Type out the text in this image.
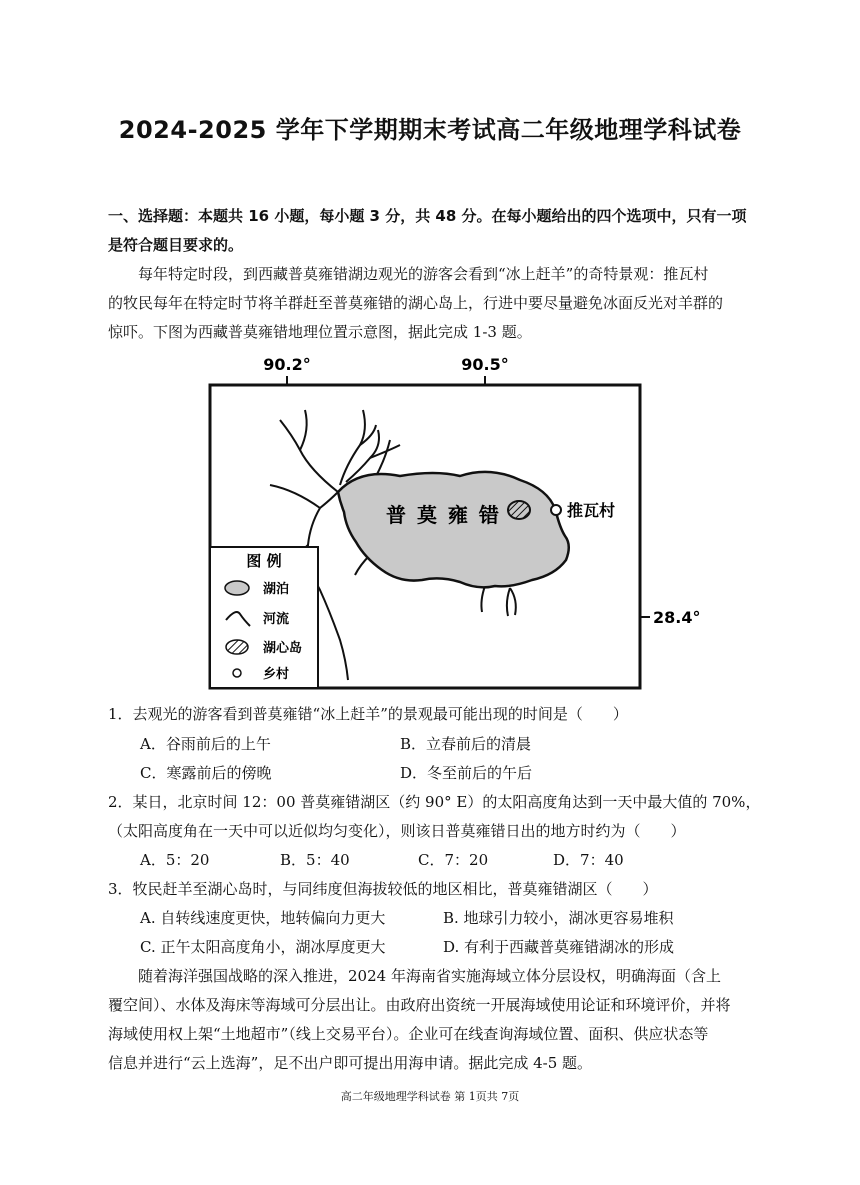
2024-2025 学年下学期期末考试高二年级地理学科试卷
一、选择题：本题共 16 小题，每小题 3 分，共 48 分。在每小题给出的四个选项中，只有一项
是符合题目要求的。
每年特定时段，到西藏普莫雍错湖边观光的游客会看到“冰上赶羊”的奇特景观：推瓦村
的牧民每年在特定时节将羊群赶至普莫雍错的湖心岛上，行进中要尽量避免冰面反光对羊群的
惊吓。下图为西藏普莫雍错地理位置示意图，据此完成 1-3 题。
90.2°	90.5°
28.4°
普 莫 雍 错	推瓦村
图 例
湖泊
河流
湖心岛
乡村
1．去观光的游客看到普莫雍错“冰上赶羊”的景观最可能出现的时间是（　　）
A．谷雨前后的上午	B．立春前后的清晨
C．寒露前后的傍晚	D．冬至前后的午后
2．某日，北京时间 12：00 普莫雍错湖区（约 90° E）的太阳高度角达到一天中最大值的 70%，
（太阳高度角在一天中可以近似均匀变化），则该日普莫雍错日出的地方时约为（　　）
A．5：20	B．5：40	C．7：20	D．7：40
3．牧民赶羊至湖心岛时，与同纬度但海拔较低的地区相比，普莫雍错湖区（　　）
A. 自转线速度更快，地转偏向力更大	B. 地球引力较小，湖冰更容易堆积
C. 正午太阳高度角小，湖冰厚度更大	D. 有利于西藏普莫雍错湖冰的形成
随着海洋强国战略的深入推进，2024 年海南省实施海域立体分层设权，明确海面（含上
覆空间）、水体及海床等海域可分层出让。由政府出资统一开展海域使用论证和环境评价，并将
海域使用权上架“土地超市”（线上交易平台）。企业可在线查询海域位置、面积、供应状态等
信息并进行“云上选海”，足不出户即可提出用海申请。据此完成 4-5 题。
高二年级地理学科试卷 第 1页共 7页
